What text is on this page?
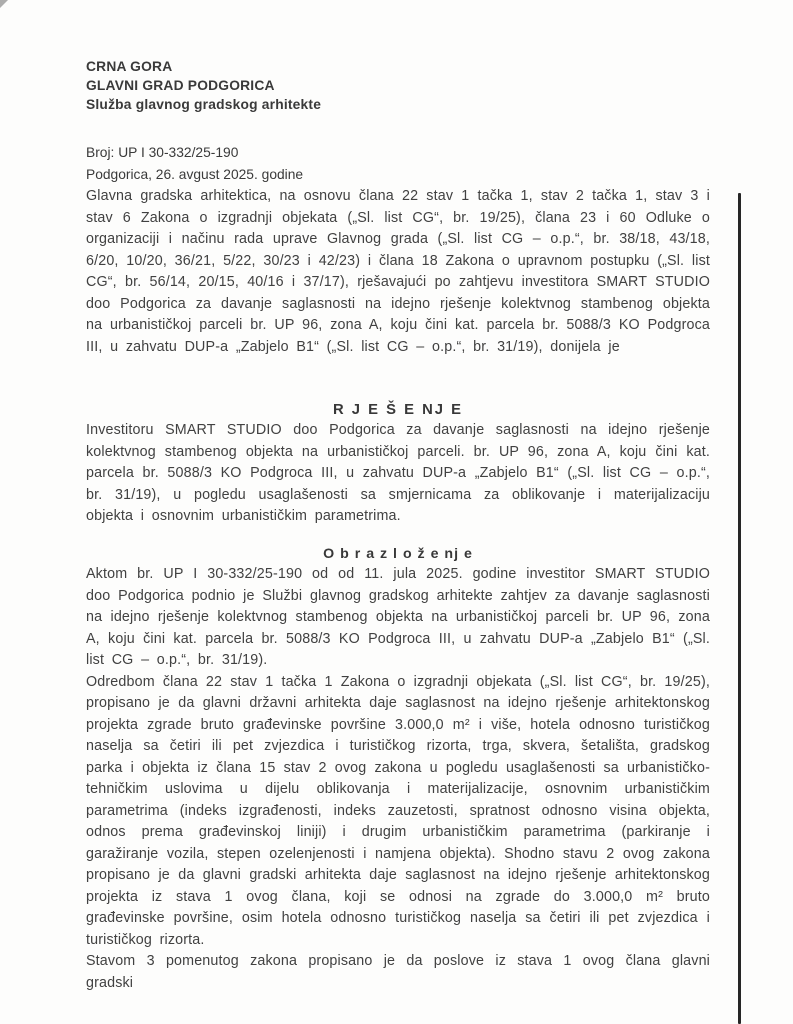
CRNA GORA
GLAVNI GRAD PODGORICA
Služba glavnog gradskog arhitekte
Broj: UP I 30-332/25-190
Podgorica, 26. avgust 2025. godine

Glavna gradska arhitektica, na osnovu člana 22 stav 1 tačka 1, stav 2 tačka 1, stav 3 i stav 6 Zakona o izgradnji objekata („Sl. list CG“, br. 19/25), člana 23 i 60 Odluke o organizaciji i načinu rada uprave Glavnog grada („Sl. list CG – o.p.“, br. 38/18, 43/18, 6/20, 10/20, 36/21, 5/22, 30/23 i 42/23) i člana 18 Zakona o upravnom postupku („Sl. list CG“, br. 56/14, 20/15, 40/16 i 37/17), rješavajući po zahtjevu investitora SMART STUDIO doo Podgorica za davanje saglasnosti na idejno rješenje kolektvnog stambenog objekta na urbanističkoj parceli br. UP 96, zona A, koju čini kat. parcela br. 5088/3 KO Podgroca III, u zahvatu DUP-a „Zabjelo B1“ („Sl. list CG – o.p.“, br. 31/19), donijela je

R J E Š E NJ E

Investitoru SMART STUDIO doo Podgorica za davanje saglasnosti na idejno rješenje kolektvnog stambenog objekta na urbanističkoj parceli. br. UP 96, zona A, koju čini kat. parcela br. 5088/3 KO Podgroca III, u zahvatu DUP-a „Zabjelo B1“ („Sl. list CG – o.p.“, br. 31/19), u pogledu usaglašenosti sa smjernicama za oblikovanje i materijalizaciju objekta i osnovnim urbanističkim parametrima.

O b r a z l o ž e nj e

Aktom br. UP I 30-332/25-190 od od 11. jula 2025. godine investitor SMART STUDIO doo Podgorica podnio je Službi glavnog gradskog arhitekte zahtjev za davanje saglasnosti na idejno rješenje kolektvnog stambenog objekta na urbanističkoj parceli br. UP 96, zona A, koju čini kat. parcela br. 5088/3 KO Podgroca III, u zahvatu DUP-a „Zabjelo B1“ („Sl. list CG – o.p.“, br. 31/19).

Odredbom člana 22 stav 1 tačka 1 Zakona o izgradnji objekata („Sl. list CG“, br. 19/25), propisano je da glavni državni arhitekta daje saglasnost na idejno rješenje arhitektonskog projekta zgrade bruto građevinske površine 3.000,0 m² i više, hotela odnosno turističkog naselja sa četiri ili pet zvjezdica i turističkog rizorta, trga, skvera, šetališta, gradskog parka i objekta iz člana 15 stav 2 ovog zakona u pogledu usaglašenosti sa urbanističko-tehničkim uslovima u dijelu oblikovanja i materijalizacije, osnovnim urbanističkim parametrima (indeks izgrađenosti, indeks zauzetosti, spratnost odnosno visina objekta, odnos prema građevinskoj liniji) i drugim urbanističkim parametrima (parkiranje i garažiranje vozila, stepen ozelenjenosti i namjena objekta). Shodno stavu 2 ovog zakona propisano je da glavni gradski arhitekta daje saglasnost na idejno rješenje arhitektonskog projekta iz stava 1 ovog člana, koji se odnosi na zgrade do 3.000,0 m² bruto građevinske površine, osim hotela odnosno turističkog naselja sa četiri ili pet zvjezdica i turističkog rizorta.

Stavom 3 pomenutog zakona propisano je da poslove iz stava 1 ovog člana glavni gradski
